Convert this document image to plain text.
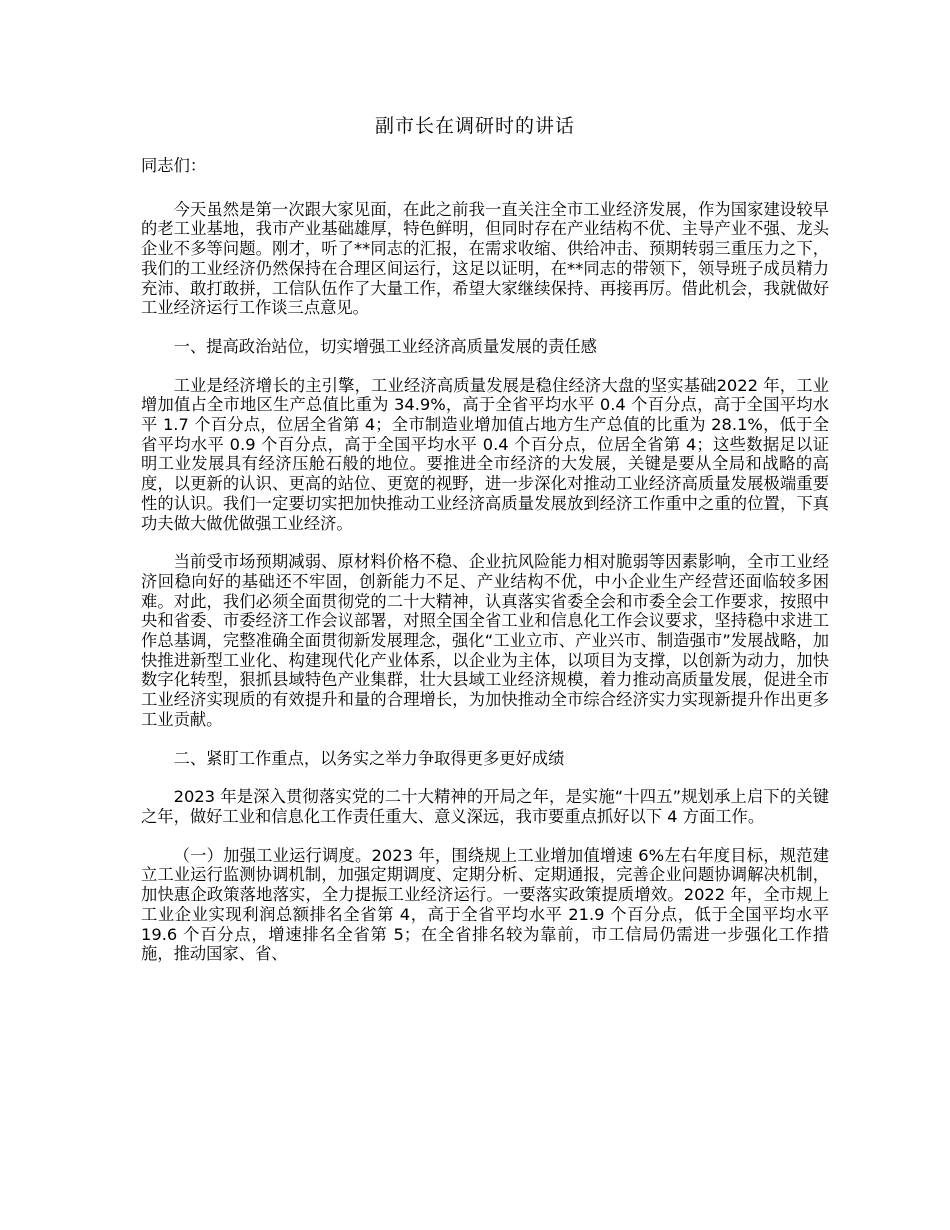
副市长在调研时的讲话

同志们：

今天虽然是第一次跟大家见面，在此之前我一直关注全市工业经济发展，作为国家建设较早的老工业基地，我市产业基础雄厚，特色鲜明，但同时存在产业结构不优、主导产业不强、龙头企业不多等问题。刚才，听了**同志的汇报，在需求收缩、供给冲击、预期转弱三重压力之下，我们的工业经济仍然保持在合理区间运行，这足以证明，在**同志的带领下，领导班子成员精力充沛、敢打敢拼，工信队伍作了大量工作，希望大家继续保持、再接再厉。借此机会，我就做好工业经济运行工作谈三点意见。

一、提高政治站位，切实增强工业经济高质量发展的责任感

工业是经济增长的主引擎，工业经济高质量发展是稳住经济大盘的坚实基础2022 年，工业增加值占全市地区生产总值比重为 34.9%，高于全省平均水平 0.4 个百分点，高于全国平均水平 1.7 个百分点，位居全省第 4；全市制造业增加值占地方生产总值的比重为 28.1%，低于全省平均水平 0.9 个百分点，高于全国平均水平 0.4 个百分点，位居全省第 4；这些数据足以证明工业发展具有经济压舱石般的地位。要推进全市经济的大发展，关键是要从全局和战略的高度，以更新的认识、更高的站位、更宽的视野，进一步深化对推动工业经济高质量发展极端重要性的认识。我们一定要切实把加快推动工业经济高质量发展放到经济工作重中之重的位置，下真功夫做大做优做强工业经济。

当前受市场预期减弱、原材料价格不稳、企业抗风险能力相对脆弱等因素影响，全市工业经济回稳向好的基础还不牢固，创新能力不足、产业结构不优，中小企业生产经营还面临较多困难。对此，我们必须全面贯彻党的二十大精神，认真落实省委全会和市委全会工作要求，按照中央和省委、市委经济工作会议部署，对照全国全省工业和信息化工作会议要求，坚持稳中求进工作总基调，完整准确全面贯彻新发展理念，强化“工业立市、产业兴市、制造强市”发展战略，加快推进新型工业化、构建现代化产业体系，以企业为主体，以项目为支撑，以创新为动力，加快数字化转型，狠抓县域特色产业集群，壮大县域工业经济规模，着力推动高质量发展，促进全市工业经济实现质的有效提升和量的合理增长，为加快推动全市综合经济实力实现新提升作出更多工业贡献。

二、紧盯工作重点，以务实之举力争取得更多更好成绩

2023 年是深入贯彻落实党的二十大精神的开局之年，是实施“十四五”规划承上启下的关键之年，做好工业和信息化工作责任重大、意义深远，我市要重点抓好以下 4 方面工作。

（一）加强工业运行调度。2023 年，围绕规上工业增加值增速 6%左右年度目标，规范建立工业运行监测协调机制，加强定期调度、定期分析、定期通报，完善企业问题协调解决机制，加快惠企政策落地落实，全力提振工业经济运行。一要落实政策提质增效。2022 年，全市规上工业企业实现利润总额排名全省第 4，高于全省平均水平 21.9 个百分点，低于全国平均水平 19.6 个百分点，增速排名全省第 5；在全省排名较为靠前，市工信局仍需进一步强化工作措施，推动国家、省、
